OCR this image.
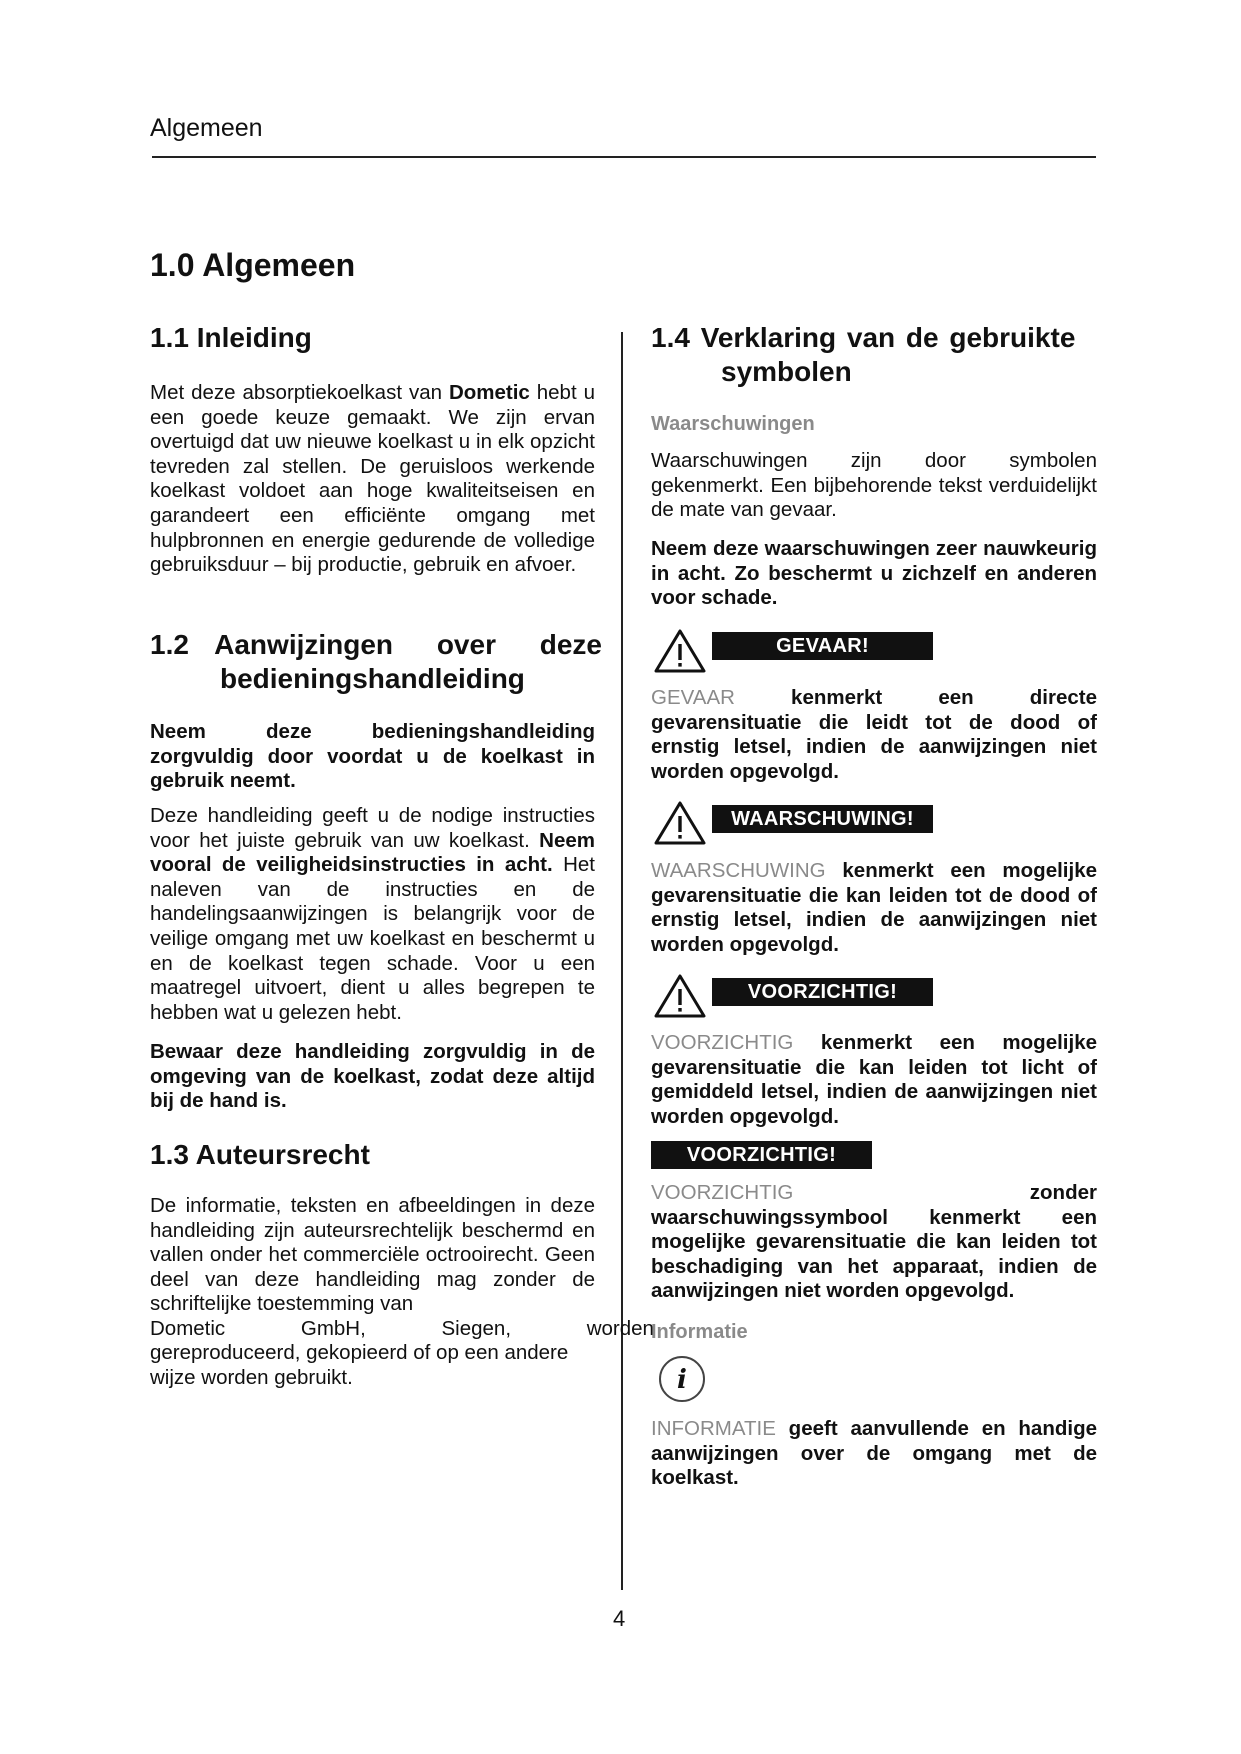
Algemeen
1.0 Algemeen
1.1 Inleiding

Met deze absorptiekoelkast van Dometic hebt u een goede keuze gemaakt. We zijn ervan overtuigd dat uw nieuwe koelkast u in elk opzicht tevreden zal stellen. De geruisloos werkende koelkast voldoet aan hoge kwaliteitseisen en garandeert een efficiënte omgang met hulpbronnen en energie gedurende de volledige gebruiksduur – bij productie, gebruik en afvoer.

1.2 Aanwijzingen over deze
bedieningshandleiding

Neem deze bedieningshandleiding zorgvuldig door voordat u de koelkast in gebruik neemt.

Deze handleiding geeft u de nodige instructies voor het juiste gebruik van uw koelkast. Neem vooral de veiligheidsinstructies in acht. Het naleven van de instructies en de handelingsaanwijzingen is belangrijk voor de veilige omgang met uw koelkast en beschermt u en de koelkast tegen schade. Voor u een maatregel uitvoert, dient u alles begrepen te hebben wat u gelezen hebt.

Bewaar deze handleiding zorgvuldig in de omgeving van de koelkast, zodat deze altijd bij de hand is.

1.3 Auteursrecht

De informatie, teksten en afbeeldingen in deze handleiding zijn auteursrechtelijk beschermd en vallen onder het commerciële octrooirecht. Geen deel van deze handleiding mag zonder de schriftelijke toestemming van

Dometic	GmbH,	Siegen,	worden

gereproduceerd, gekopieerd of op een andere wijze worden gebruikt.

1.4 Verklaring van de gebruikte
symbolen
Waarschuwingen

Waarschuwingen zijn door symbolen gekenmerkt. Een bijbehorende tekst verduidelijkt de mate van gevaar.

Neem deze waarschuwingen zeer nauwkeurig in acht. Zo beschermt u zichzelf en anderen voor schade.

GEVAAR!

GEVAAR kenmerkt een directe gevarensituatie die leidt tot de dood of ernstig letsel, indien de aanwijzingen niet worden opgevolgd.

WAARSCHUWING!

WAARSCHUWING kenmerkt een mogelijke gevarensituatie die kan leiden tot de dood of ernstig letsel, indien de aanwijzingen niet worden opgevolgd.

VOORZICHTIG!

VOORZICHTIG kenmerkt een mogelijke gevarensituatie die kan leiden tot licht of gemiddeld letsel, indien de aanwijzingen niet worden opgevolgd.

VOORZICHTIG!

VOORZICHTIG zonder waarschuwingssymbool kenmerkt een mogelijke gevarensituatie die kan leiden tot beschadiging van het apparaat, indien de aanwijzingen niet worden opgevolgd.

Informatie
i

INFORMATIE geeft aanvullende en handige aanwijzingen over de omgang met de koelkast.

4
